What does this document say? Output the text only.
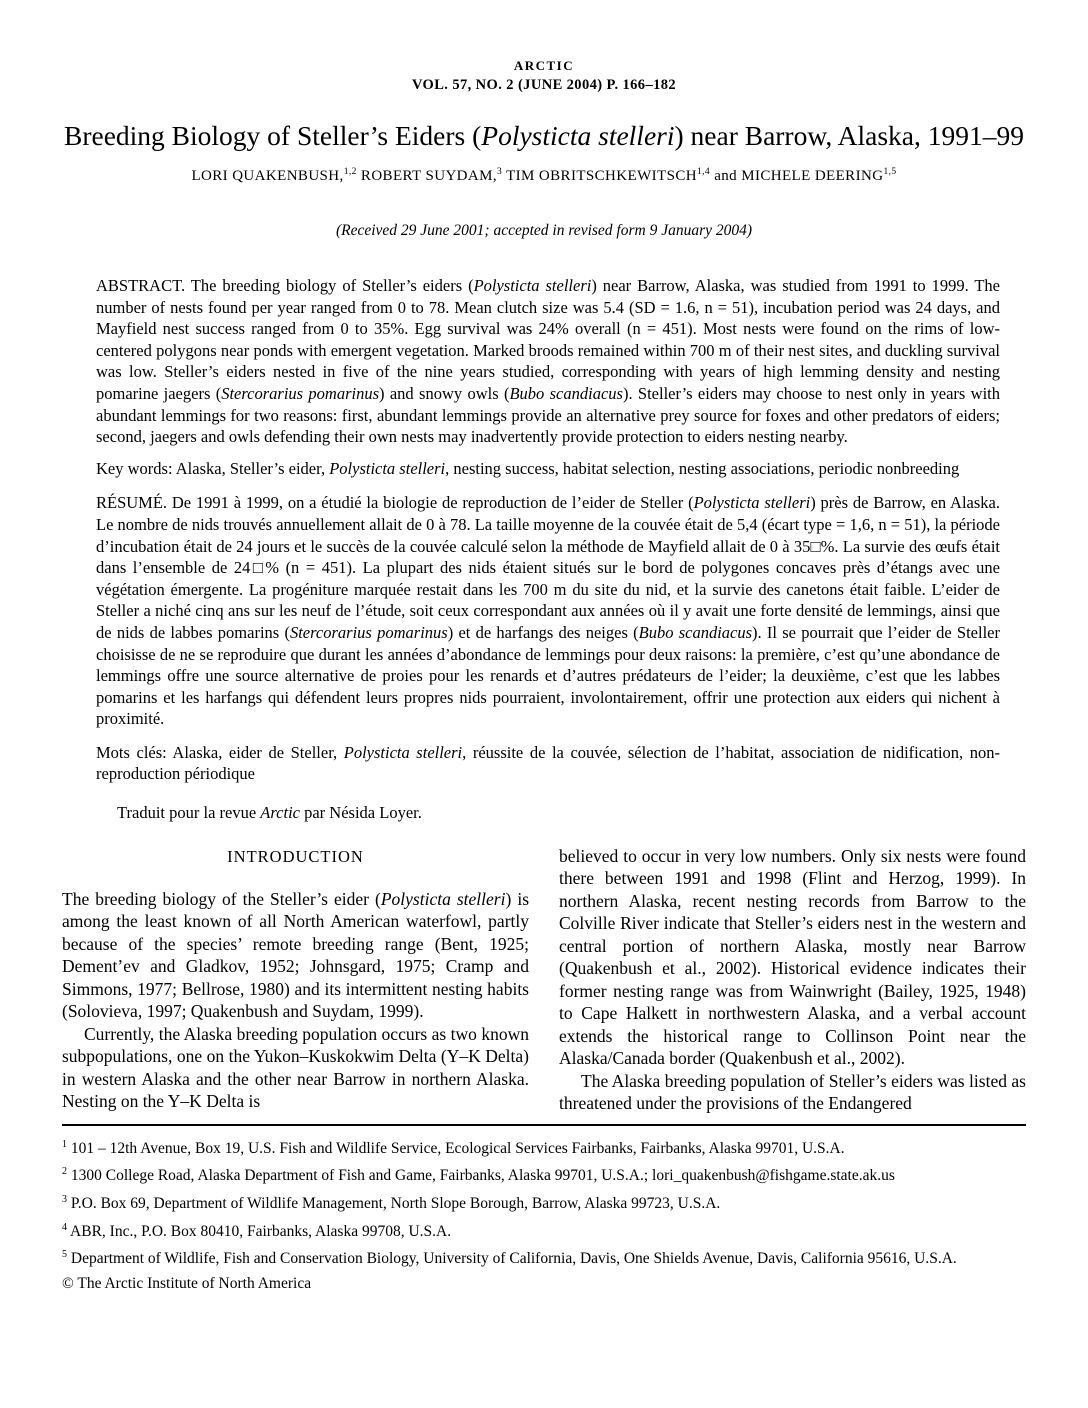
ARCTIC
VOL. 57, NO. 2 (JUNE 2004) P. 166–182
Breeding Biology of Steller’s Eiders (Polysticta stelleri) near Barrow, Alaska, 1991–99
LORI QUAKENBUSH,$^{1,2}$ ROBERT SUYDAM,$^3$ TIM OBRITSCHKEWITSCH$^{1,4}$ and MICHELE DEERING$^{1,5}$
(Received 29 June 2001; accepted in revised form 9 January 2004)

ABSTRACT. The breeding biology of Steller’s eiders (Polysticta stelleri) near Barrow, Alaska, was studied from 1991 to 1999. The number of nests found per year ranged from 0 to 78. Mean clutch size was 5.4 (SD = 1.6, n = 51), incubation period was 24 days, and Mayfield nest success ranged from 0 to 35%. Egg survival was 24% overall (n = 451). Most nests were found on the rims of low-centered polygons near ponds with emergent vegetation. Marked broods remained within 700 m of their nest sites, and duckling survival was low. Steller’s eiders nested in five of the nine years studied, corresponding with years of high lemming density and nesting pomarine jaegers (Stercorarius pomarinus) and snowy owls (Bubo scandiacus). Steller’s eiders may choose to nest only in years with abundant lemmings for two reasons: first, abundant lemmings provide an alternative prey source for foxes and other predators of eiders; second, jaegers and owls defending their own nests may inadvertently provide protection to eiders nesting nearby.

Key words: Alaska, Steller’s eider, Polysticta stelleri, nesting success, habitat selection, nesting associations, periodic nonbreeding

RÉSUMÉ. De 1991 à 1999, on a étudié la biologie de reproduction de l’eider de Steller (Polysticta stelleri) près de Barrow, en Alaska. Le nombre de nids trouvés annuellement allait de 0 à 78. La taille moyenne de la couvée était de 5,4 (écart type = 1,6, n = 51), la période d’incubation était de 24 jours et le succès de la couvée calculé selon la méthode de Mayfield allait de 0 à 35□%. La survie des œufs était dans l’ensemble de 24□% (n = 451). La plupart des nids étaient situés sur le bord de polygones concaves près d’étangs avec une végétation émergente. La progéniture marquée restait dans les 700 m du site du nid, et la survie des canetons était faible. L’eider de Steller a niché cinq ans sur les neuf de l’étude, soit ceux correspondant aux années où il y avait une forte densité de lemmings, ainsi que de nids de labbes pomarins (Stercorarius pomarinus) et de harfangs des neiges (Bubo scandiacus). Il se pourrait que l’eider de Steller choisisse de ne se reproduire que durant les années d’abondance de lemmings pour deux raisons: la première, c’est qu’une abondance de lemmings offre une source alternative de proies pour les renards et d’autres prédateurs de l’eider; la deuxième, c’est que les labbes pomarins et les harfangs qui défendent leurs propres nids pourraient, involontairement, offrir une protection aux eiders qui nichent à proximité.

Mots clés: Alaska, eider de Steller, Polysticta stelleri, réussite de la couvée, sélection de l’habitat, association de nidification, non-reproduction périodique

Traduit pour la revue Arctic par Nésida Loyer.

INTRODUCTION

The breeding biology of the Steller’s eider (Polysticta stelleri) is among the least known of all North American waterfowl, partly because of the species’ remote breeding range (Bent, 1925; Dement’ev and Gladkov, 1952; Johnsgard, 1975; Cramp and Simmons, 1977; Bellrose, 1980) and its intermittent nesting habits (Solovieva, 1997; Quakenbush and Suydam, 1999).

Currently, the Alaska breeding population occurs as two known subpopulations, one on the Yukon–Kuskokwim Delta (Y–K Delta) in western Alaska and the other near Barrow in northern Alaska. Nesting on the Y–K Delta is

believed to occur in very low numbers. Only six nests were found there between 1991 and 1998 (Flint and Herzog, 1999). In northern Alaska, recent nesting records from Barrow to the Colville River indicate that Steller’s eiders nest in the western and central portion of northern Alaska, mostly near Barrow (Quakenbush et al., 2002). Historical evidence indicates their former nesting range was from Wainwright (Bailey, 1925, 1948) to Cape Halkett in northwestern Alaska, and a verbal account extends the historical range to Collinson Point near the Alaska/Canada border (Quakenbush et al., 2002).

The Alaska breeding population of Steller’s eiders was listed as threatened under the provisions of the Endangered

$^1$ 101 – 12th Avenue, Box 19, U.S. Fish and Wildlife Service, Ecological Services Fairbanks, Fairbanks, Alaska 99701, U.S.A.
$^2$ 1300 College Road, Alaska Department of Fish and Game, Fairbanks, Alaska 99701, U.S.A.; lori_quakenbush@fishgame.state.ak.us
$^3$ P.O. Box 69, Department of Wildlife Management, North Slope Borough, Barrow, Alaska 99723, U.S.A.
$^4$ ABR, Inc., P.O. Box 80410, Fairbanks, Alaska 99708, U.S.A.
$^5$ Department of Wildlife, Fish and Conservation Biology, University of California, Davis, One Shields Avenue, Davis, California 95616, U.S.A.
© The Arctic Institute of North America
